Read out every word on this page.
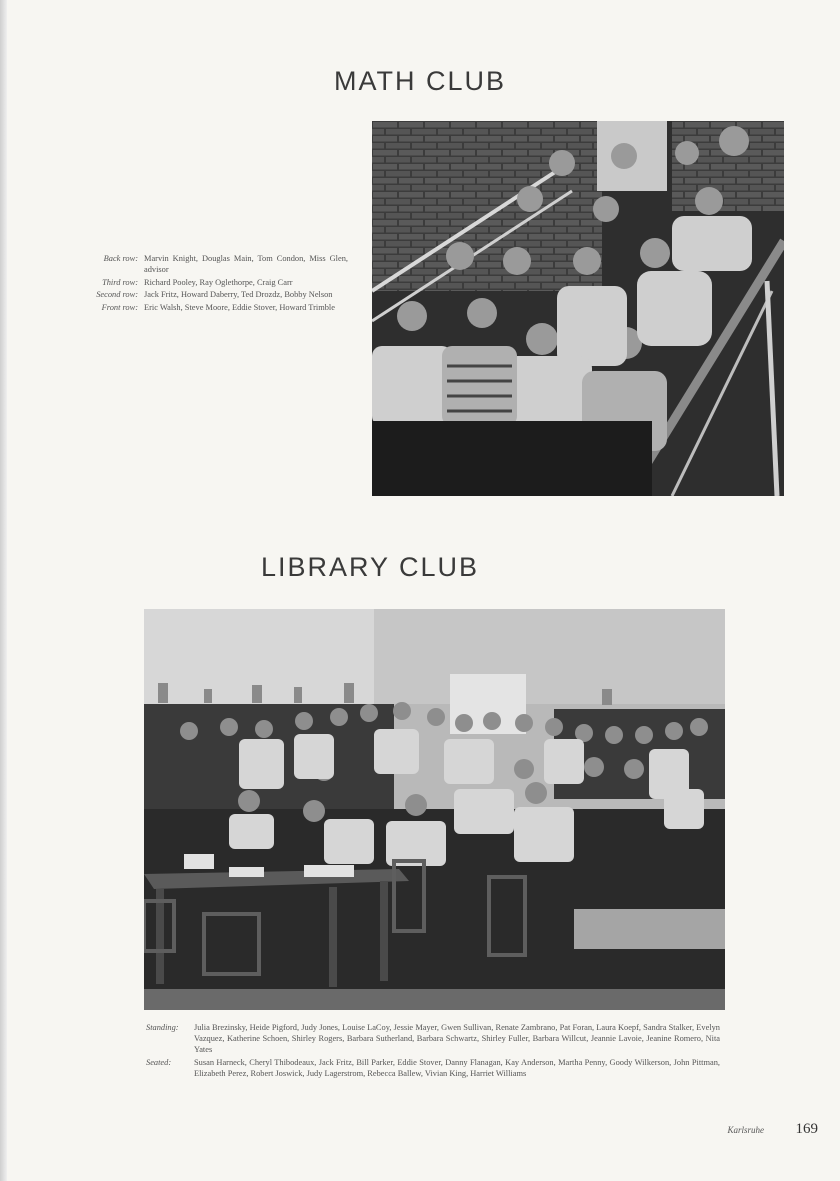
MATH CLUB
Back row: Marvin Knight, Douglas Main, Tom Condon, Miss Glen, advisor
Third row: Richard Pooley, Ray Oglethorpe, Craig Carr
Second row: Jack Fritz, Howard Daberry, Ted Drozdz, Bobby Nelson
Front row: Eric Walsh, Steve Moore, Eddie Stover, Howard Trimble
LIBRARY CLUB
Standing:	Julia Brezinsky, Heide Pigford, Judy Jones, Louise LaCoy, Jessie Mayer, Gwen Sullivan, Renate Zambrano, Pat Foran, Laura Koepf, Sandra Stalker, Evelyn Vazquez, Katherine Schoen, Shirley Rogers, Barbara Sutherland, Barbara Schwartz, Shirley Fuller, Barbara Willcut, Jeannie Lavoie, Jeanine Romero, Nita Yates
Seated:	Susan Harneck, Cheryl Thibodeaux, Jack Fritz, Bill Parker, Eddie Stover, Danny Flanagan, Kay Anderson, Martha Penny, Goody Wilkerson, John Pittman, Elizabeth Perez, Robert Joswick, Judy Lagerstrom, Rebecca Ballew, Vivian King, Harriet Williams
Karlsruhe 169
